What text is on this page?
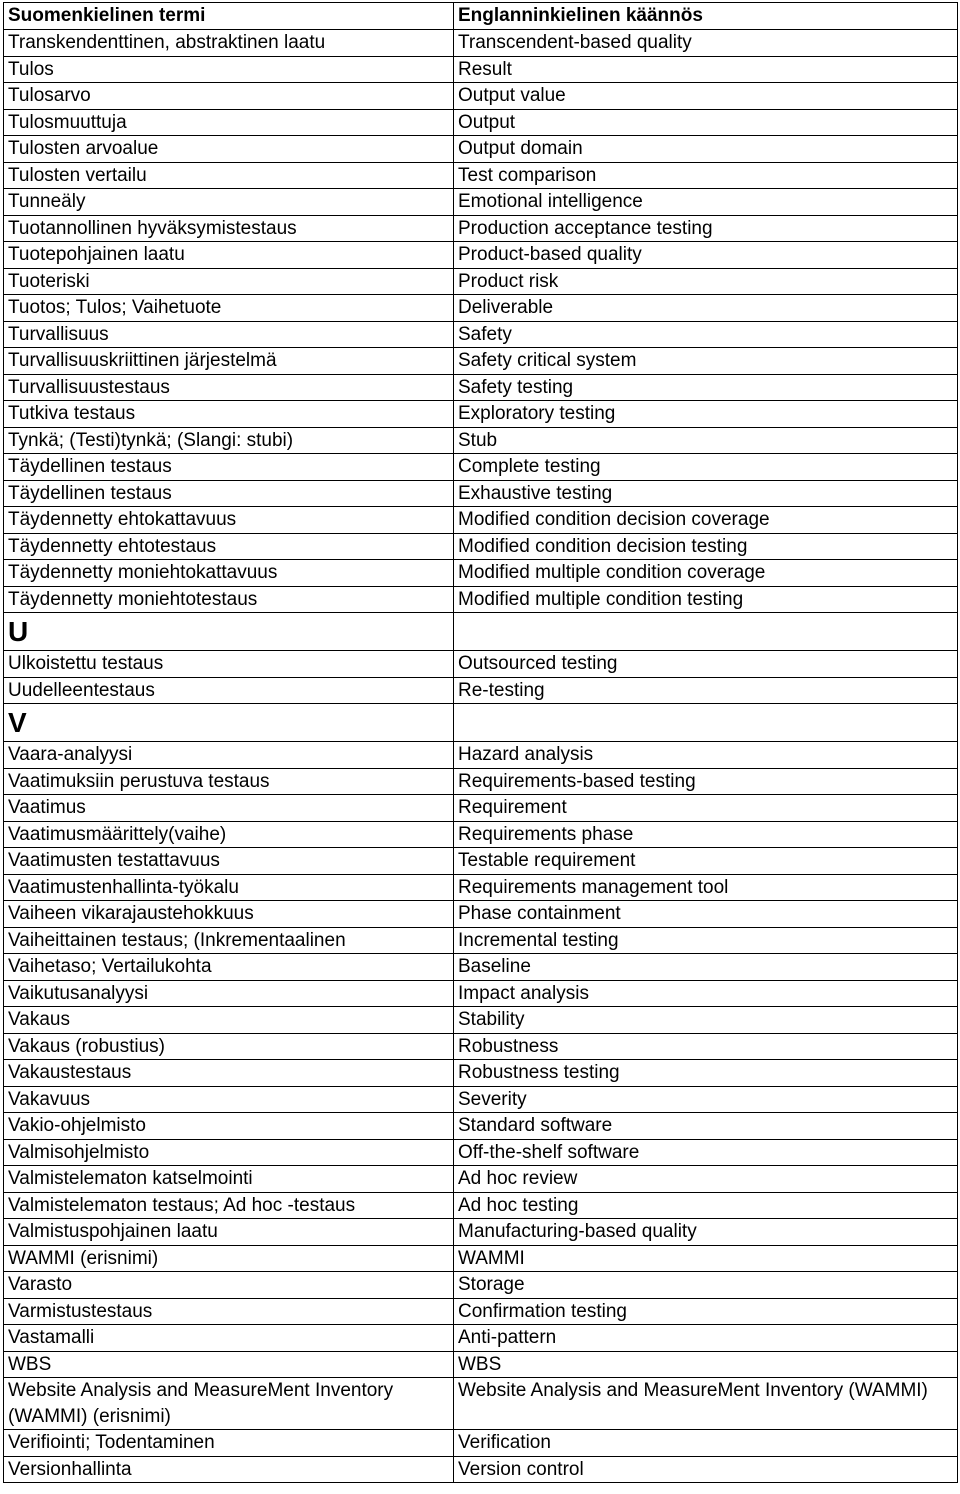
Suomenkielinen termi	Englanninkielinen käännös
Transkendenttinen, abstraktinen laatu	Transcendent-based quality
Tulos	Result
Tulosarvo	Output value
Tulosmuuttuja	Output
Tulosten arvoalue	Output domain
Tulosten vertailu	Test comparison
Tunneäly	Emotional intelligence
Tuotannollinen hyväksymistestaus	Production acceptance testing
Tuotepohjainen laatu	Product-based quality
Tuoteriski	Product risk
Tuotos; Tulos; Vaihetuote	Deliverable
Turvallisuus	Safety
Turvallisuuskriittinen järjestelmä	Safety critical system
Turvallisuustestaus	Safety testing
Tutkiva testaus	Exploratory testing
Tynkä; (Testi)tynkä; (Slangi: stubi)	Stub
Täydellinen testaus	Complete testing
Täydellinen testaus	Exhaustive testing
Täydennetty ehtokattavuus	Modified condition decision coverage
Täydennetty ehtotestaus	Modified condition decision testing
Täydennetty moniehtokattavuus	Modified multiple condition coverage
Täydennetty moniehtotestaus	Modified multiple condition testing
U	
Ulkoistettu testaus	Outsourced testing
Uudelleentestaus	Re-testing
V	
Vaara-analyysi	Hazard analysis
Vaatimuksiin perustuva testaus	Requirements-based testing
Vaatimus	Requirement
Vaatimusmäärittely(vaihe)	Requirements phase
Vaatimusten testattavuus	Testable requirement
Vaatimustenhallinta-työkalu	Requirements management tool
Vaiheen vikarajaustehokkuus	Phase containment
Vaiheittainen testaus; (Inkrementaalinen	Incremental testing
Vaihetaso; Vertailukohta	Baseline
Vaikutusanalyysi	Impact analysis
Vakaus	Stability
Vakaus (robustius)	Robustness
Vakaustestaus	Robustness testing
Vakavuus	Severity
Vakio-ohjelmisto	Standard software
Valmisohjelmisto	Off-the-shelf software
Valmistelematon katselmointi	Ad hoc review
Valmistelematon testaus; Ad hoc -testaus	Ad hoc testing
Valmistuspohjainen laatu	Manufacturing-based quality
WAMMI (erisnimi)	WAMMI
Varasto	Storage
Varmistustestaus	Confirmation testing
Vastamalli	Anti-pattern
WBS	WBS
Website Analysis and MeasureMent Inventory (WAMMI) (erisnimi)	Website Analysis and MeasureMent Inventory (WAMMI)
Verifiointi; Todentaminen	Verification
Versionhallinta	Version control
